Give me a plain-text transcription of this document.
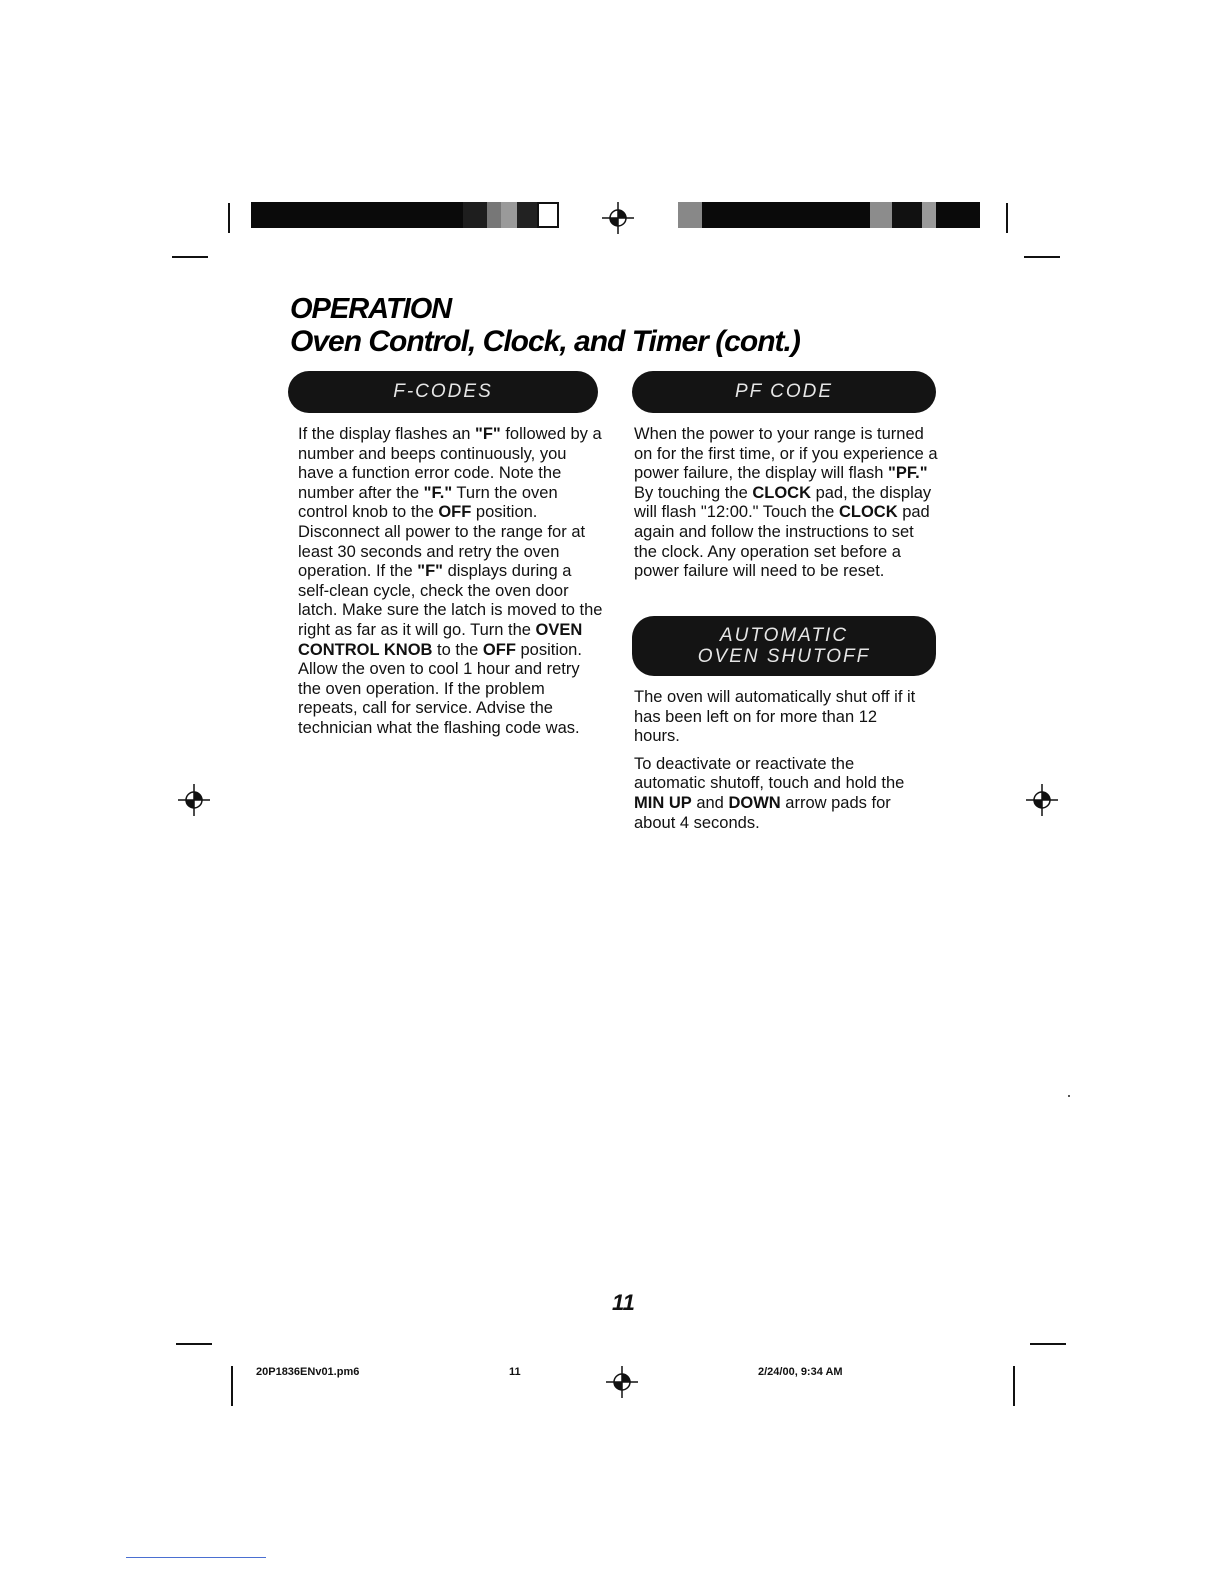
OPERATION
Oven Control, Clock, and Timer (cont.)
F-CODES

If the display flashes an "F" followed by a number and beeps continuously, you have a function error code. Note the number after the "F." Turn the oven control knob to the OFF position. Disconnect all power to the range for at least 30 seconds and retry the oven operation. If the "F" displays during a self-clean cycle, check the oven door latch. Make sure the latch is moved to the right as far as it will go. Turn the OVEN CONTROL KNOB to the OFF position. Allow the oven to cool 1 hour and retry the oven operation. If the problem repeats, call for service. Advise the technician what the flashing code was.

PF CODE

When the power to your range is turned on for the first time, or if you experience a power failure, the display will flash "PF." By touching the CLOCK pad, the display will flash "12:00." Touch the CLOCK pad again and follow the instructions to set the clock. Any operation set before a power failure will need to be reset.

AUTOMATIC
OVEN SHUTOFF

The oven will automatically shut off if it has been left on for more than 12 hours.

To deactivate or reactivate the automatic shutoff, touch and hold the MIN UP and DOWN arrow pads for about 4 seconds.

11
20P1836ENv01.pm6	11	2/24/00, 9:34 AM
